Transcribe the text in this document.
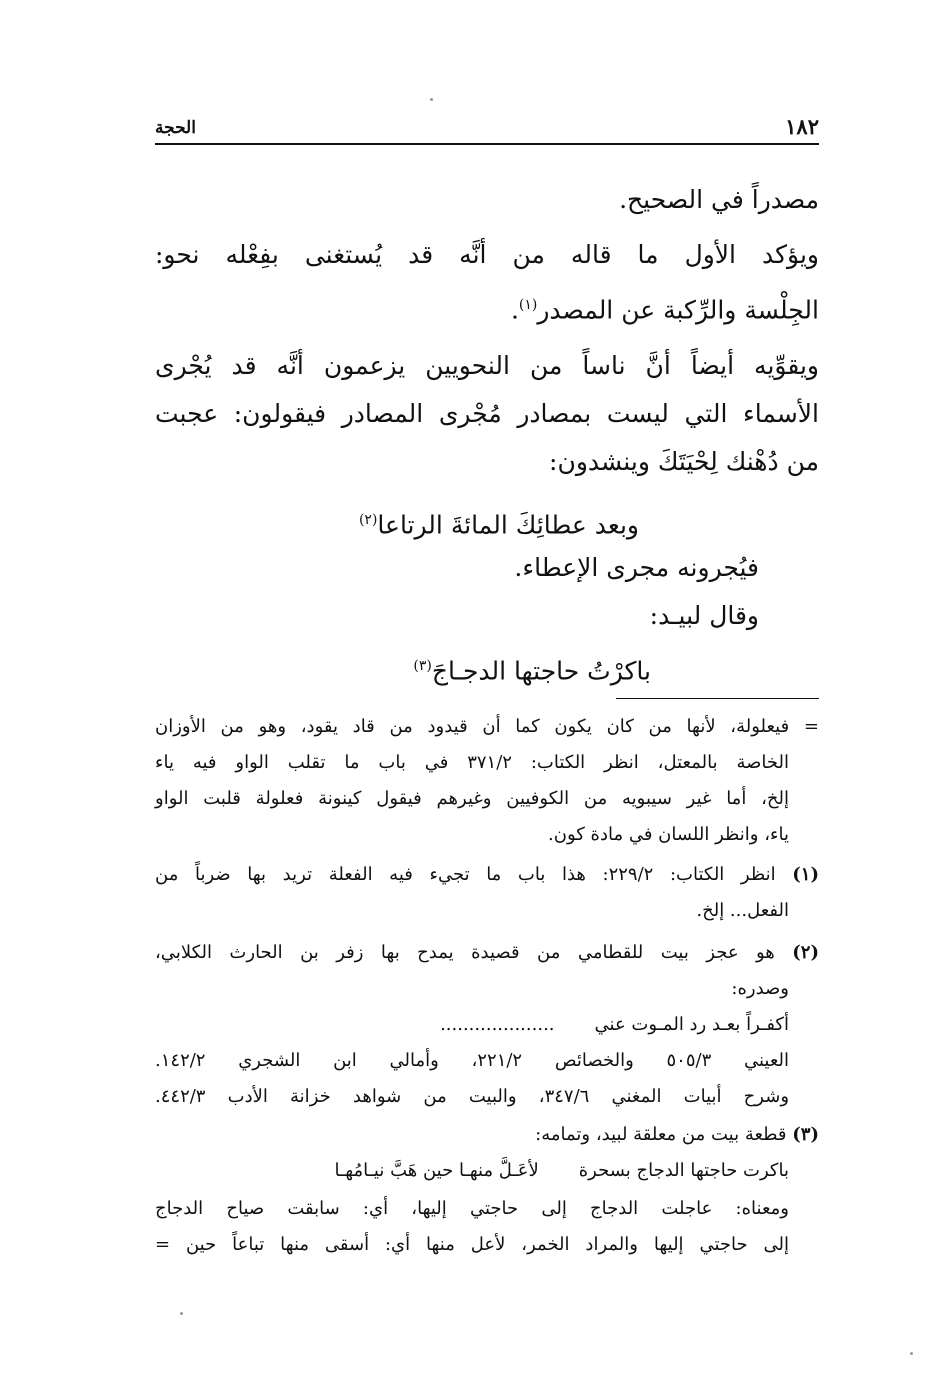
الحجة	١٨٢
مصدراً في الصحيح.
ويؤكد الأول ما قاله من أنَّه قد يُستغنى بفِعْله نحو:
الجِلْسة والرِّكبة عن المصدر$^{(١)}$.
ويقوِّيه أيضاً أنَّ ناساً من النحويين يزعمون أنَّه قد يُجْرى
الأسماء التي ليست بمصادر مُجْرى المصادر فيقولون: عجبت
من دُهْنك لِحْيَتَكَ وينشدون:
وبعد عطائِكَ المائةَ الرتاعا$^{(٢)}$
فيُجرونه مجرى الإعطاء.
وقال لبيـد:
باكرْتُ حاجتها الدجـاجَ$^{(٣)}$
= فيعلولة، لأنها من كان يكون كما أن قيدود من قاد يقود، وهو من الأوزان
الخاصة بالمعتل، انظر الكتاب: ٣٧١/٢ في باب ما تقلب الواو فيه ياء
إلخ، أما غير سيبويه من الكوفيين وغيرهم فيقول كينونة فعلولة قلبت الواو
ياء، وانظر اللسان في مادة كون.
(١) انظر الكتاب: ٢٢٩/٢: هذا باب ما تجيء فيه الفعلة تريد بها ضرباً من
الفعل... إلخ.
(٢) هو عجز بيت للقطامي من قصيدة يمدح بها زفر بن الحارث الكلابي،
وصدره:
أكفـراً بعـد رد المـوت عني....................
العيني ٥٠٥/٣ والخصائص ٢٢١/٢، وأمالي ابن الشجري ١٤٢/٢.
وشرح أبيات المغني ٣٤٧/٦، والبيت من شواهد خزانة الأدب ٤٤٢/٣.
(٣) قطعة بيت من معلقة لبيد، وتمامه:
باكرت حاجتها الدجاج بسحرةلأعَـلَّ منهـا حين هَبَّ نيـامُهـا
ومعناه: عاجلت الدجاج إلى حاجتي إليها، أي: سابقت صياح الدجاج
إلى حاجتي إليها والمراد الخمر، لأعل منها أي: أسقى منها تباعاً حين =
